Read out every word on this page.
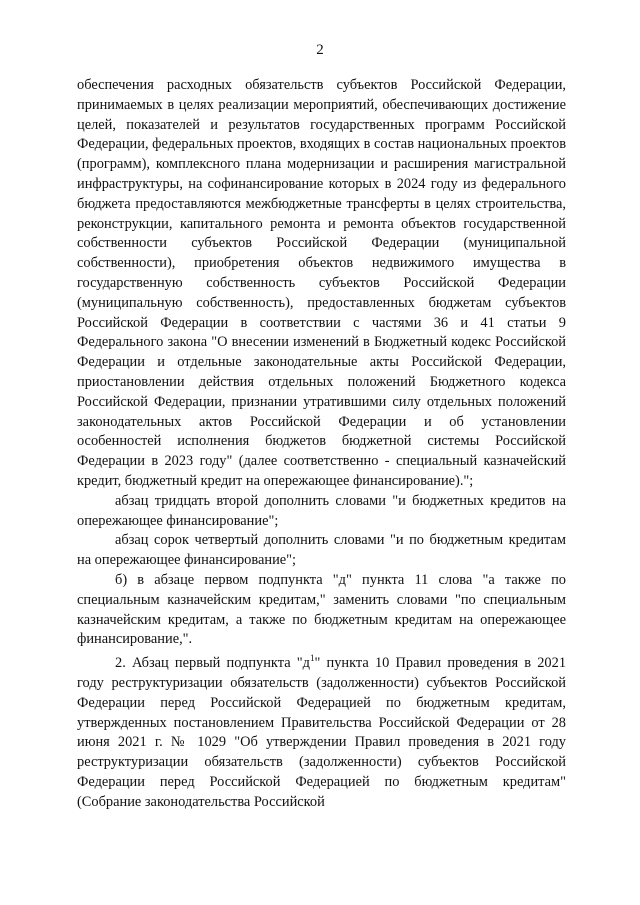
2

обеспечения расходных обязательств субъектов Российской Федерации, принимаемых в целях реализации мероприятий, обеспечивающих достижение целей, показателей и результатов государственных программ Российской Федерации, федеральных проектов, входящих в состав национальных проектов (программ), комплексного плана модернизации и расширения магистральной инфраструктуры, на софинансирование которых в 2024 году из федерального бюджета предоставляются межбюджетные трансферты в целях строительства, реконструкции, капитального ремонта и ремонта объектов государственной собственности субъектов Российской Федерации (муниципальной собственности), приобретения объектов недвижимого имущества в государственную собственность субъектов Российской Федерации (муниципальную собственность), предоставленных бюджетам субъектов Российской Федерации в соответствии с частями 36 и 41 статьи 9 Федерального закона "О внесении изменений в Бюджетный кодекс Российской Федерации и отдельные законодательные акты Российской Федерации, приостановлении действия отдельных положений Бюджетного кодекса Российской Федерации, признании утратившими силу отдельных положений законодательных актов Российской Федерации и об установлении особенностей исполнения бюджетов бюджетной системы Российской Федерации в 2023 году" (далее соответственно - специальный казначейский кредит, бюджетный кредит на опережающее финансирование).";

абзац тридцать второй дополнить словами "и бюджетных кредитов на опережающее финансирование";

абзац сорок четвертый дополнить словами "и по бюджетным кредитам на опережающее финансирование";

б) в абзаце первом подпункта "д" пункта 11 слова "а также по специальным казначейским кредитам," заменить словами "по специальным казначейским кредитам, а также по бюджетным кредитам на опережающее финансирование,".

2. Абзац первый подпункта "$д^1$" пункта 10 Правил проведения в 2021 году реструктуризации обязательств (задолженности) субъектов Российской Федерации перед Российской Федерацией по бюджетным кредитам, утвержденных постановлением Правительства Российской Федерации от 28 июня 2021 г. № 1029 "Об утверждении Правил проведения в 2021 году реструктуризации обязательств (задолженности) субъектов Российской Федерации перед Российской Федерацией по бюджетным кредитам" (Собрание законодательства Российской
